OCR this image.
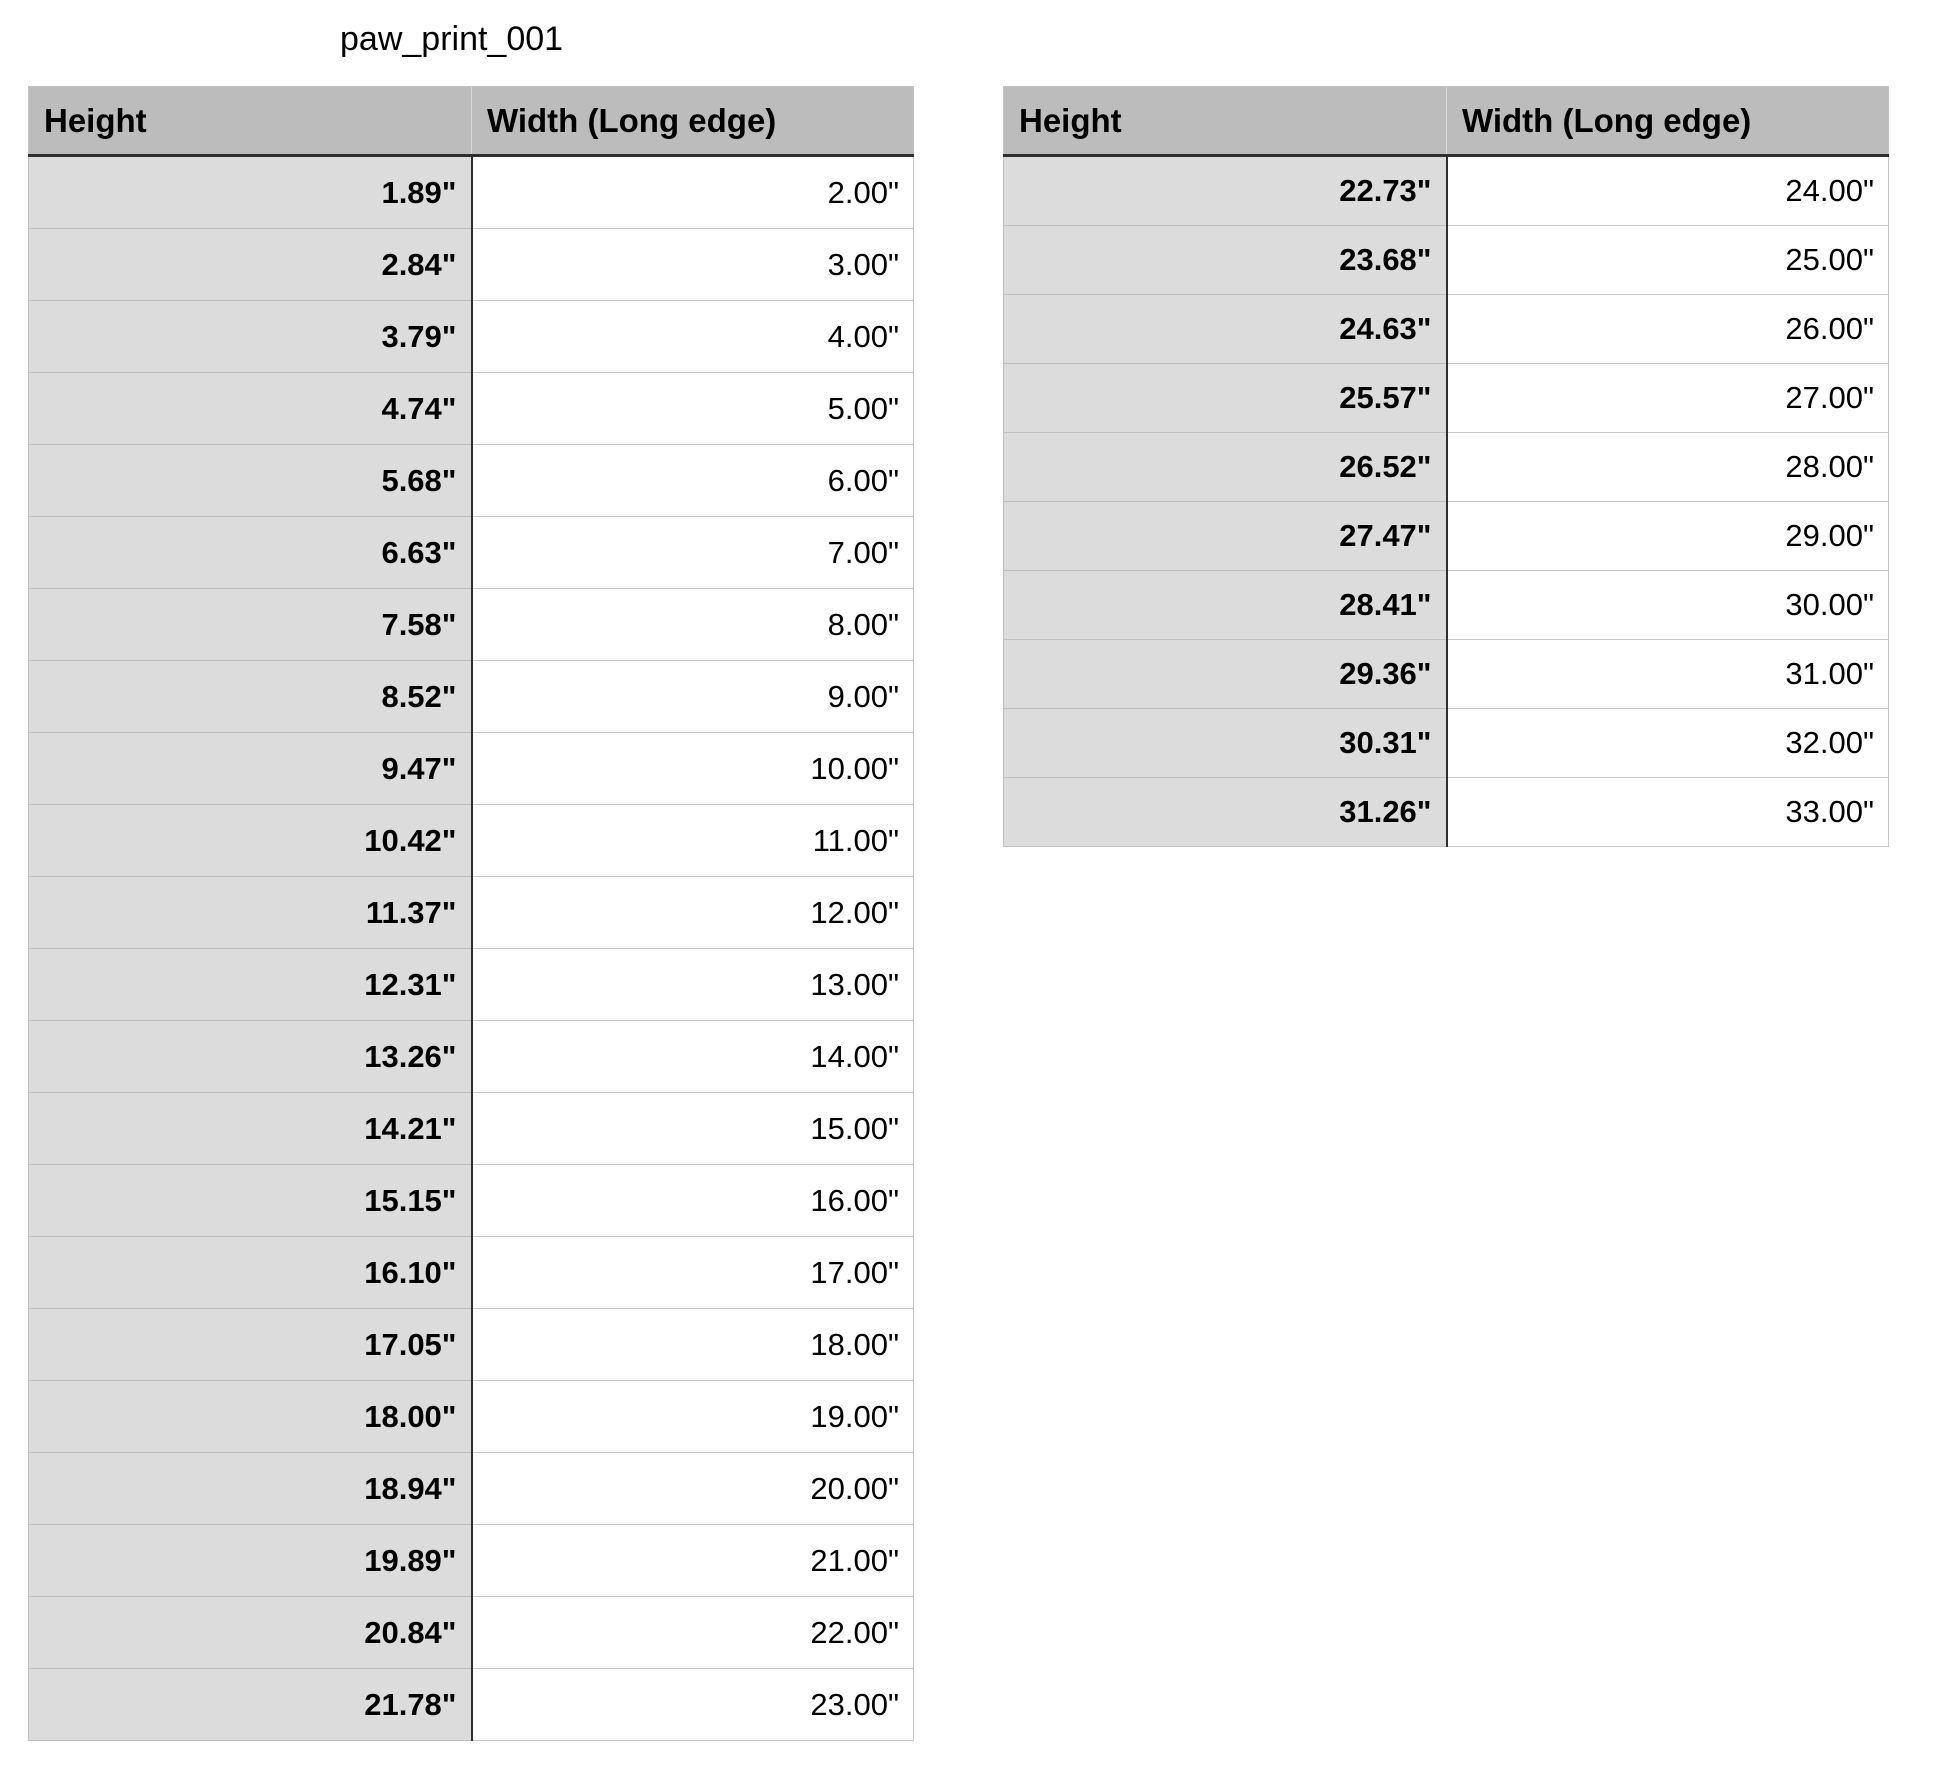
paw_print_001
Height	Width (Long edge)
1.89"	2.00"
2.84"	3.00"
3.79"	4.00"
4.74"	5.00"
5.68"	6.00"
6.63"	7.00"
7.58"	8.00"
8.52"	9.00"
9.47"	10.00"
10.42"	11.00"
11.37"	12.00"
12.31"	13.00"
13.26"	14.00"
14.21"	15.00"
15.15"	16.00"
16.10"	17.00"
17.05"	18.00"
18.00"	19.00"
18.94"	20.00"
19.89"	21.00"
20.84"	22.00"
21.78"	23.00"
Height	Width (Long edge)
22.73"	24.00"
23.68"	25.00"
24.63"	26.00"
25.57"	27.00"
26.52"	28.00"
27.47"	29.00"
28.41"	30.00"
29.36"	31.00"
30.31"	32.00"
31.26"	33.00"
